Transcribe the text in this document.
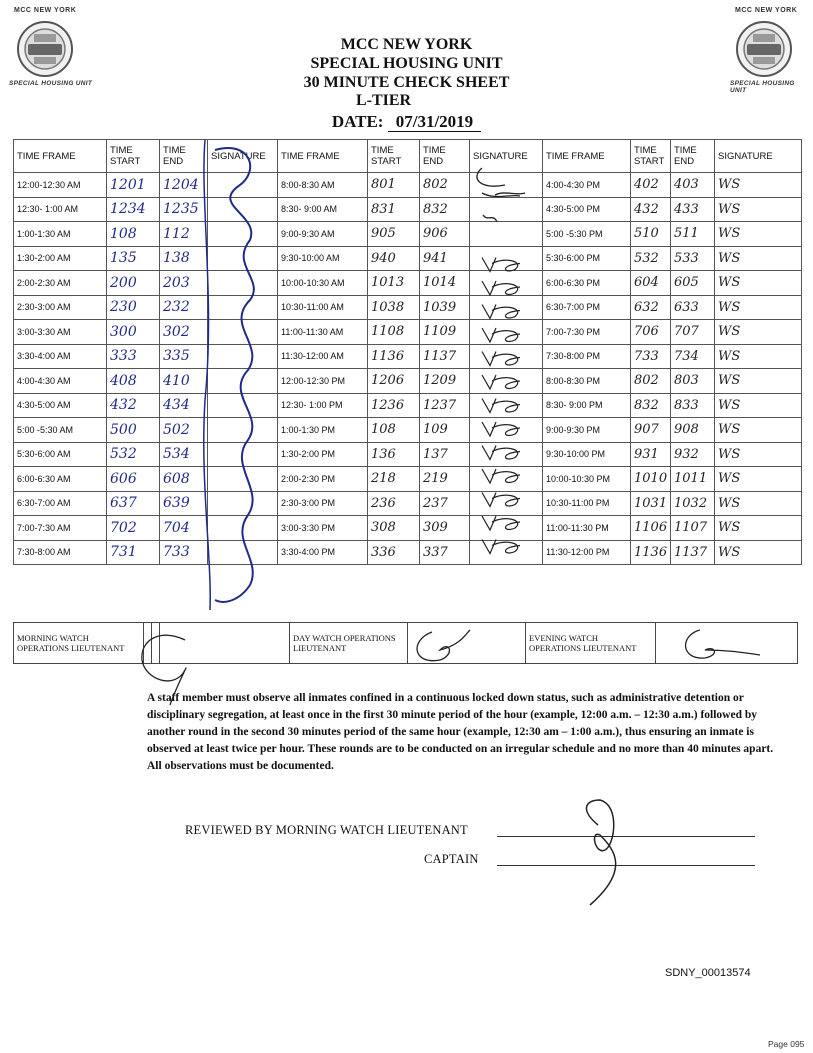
MCC NEW YORK
SPECIAL HOUSING UNIT
MCC NEW YORK
SPECIAL HOUSING UNIT
MCC NEW YORK
SPECIAL HOUSING UNIT
30 MINUTE CHECK SHEET
L-TIER
DATE: 07/31/2019
TIME FRAME	TIME START	TIME END	SIGNATURE	TIME FRAME	TIME START	TIME END	SIGNATURE	TIME FRAME	TIME START	TIME END	SIGNATURE
12:00-12:30 AM	1201	1204		8:00-8:30 AM	801	802		4:00-4:30 PM	402	403	WS
12:30- 1:00 AM	1234	1235		8:30- 9:00 AM	831	832		4:30-5:00 PM	432	433	WS
1:00-1:30 AM	108	112		9:00-9:30 AM	905	906		5:00 -5:30 PM	510	511	WS
1:30-2:00 AM	135	138		9:30-10:00 AM	940	941		5:30-6:00 PM	532	533	WS
2:00-2:30 AM	200	203		10:00-10:30 AM	1013	1014		6:00-6:30 PM	604	605	WS
2:30-3:00 AM	230	232		10:30-11:00 AM	1038	1039		6:30-7:00 PM	632	633	WS
3:00-3:30 AM	300	302		11:00-11:30 AM	1108	1109		7:00-7:30 PM	706	707	WS
3:30-4:00 AM	333	335		11:30-12:00 AM	1136	1137		7:30-8:00 PM	733	734	WS
4:00-4:30 AM	408	410		12:00-12:30 PM	1206	1209		8:00-8:30 PM	802	803	WS
4:30-5:00 AM	432	434		12:30- 1:00 PM	1236	1237		8:30- 9:00 PM	832	833	WS
5:00 -5:30 AM	500	502		1:00-1:30 PM	108	109		9:00-9:30 PM	907	908	WS
5:30-6:00 AM	532	534		1:30-2:00 PM	136	137		9:30-10:00 PM	931	932	WS
6:00-6:30 AM	606	608		2:00-2:30 PM	218	219		10:00-10:30 PM	1010	1011	WS
6:30-7:00 AM	637	639		2:30-3:00 PM	236	237		10:30-11:00 PM	1031	1032	WS
7:00-7:30 AM	702	704		3:00-3:30 PM	308	309		11:00-11:30 PM	1106	1107	WS
7:30-8:00 AM	731	733		3:30-4:00 PM	336	337		11:30-12:00 PM	1136	1137	WS
MORNING WATCH OPERATIONS LIEUTENANT				DAY WATCH OPERATIONS LIEUTENANT		EVENING WATCH OPERATIONS LIEUTENANT	
A staff member must observe all inmates confined in a continuous locked down status, such as administrative detention or disciplinary segregation, at least once in the first 30 minute period of the hour (example, 12:00 a.m. – 12:30 a.m.) followed by another round in the second 30 minutes period of the same hour (example, 12:30 am – 1:00 a.m.), thus ensuring an inmate is observed at least twice per hour. These rounds are to be conducted on an irregular schedule and no more than 40 minutes apart. All observations must be documented.
REVIEWED BY MORNING WATCH LIEUTENANT
CAPTAIN
SDNY_00013574
Page 095
